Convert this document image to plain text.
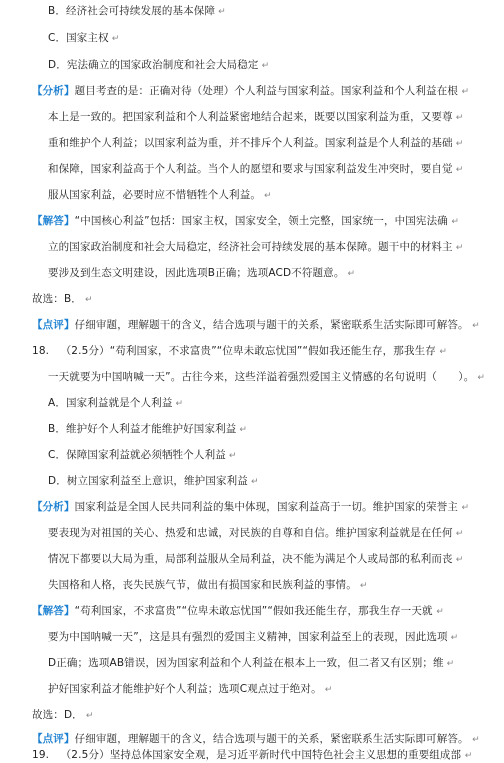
B．经济社会可持续发展的基本保障 ↵
C．国家主权 ↵
D．宪法确立的国家政治制度和社会大局稳定 ↵
【分析】题目考查的是：正确对待（处理）个人利益与国家利益。国家利益和个人利益在根 ↵
本上是一致的。把国家利益和个人利益紧密地结合起来，既要以国家利益为重，又要尊 ↵
重和维护个人利益；以国家利益为重，并不排斥个人利益。国家利益是个人利益的基础 ↵
和保障，国家利益高于个人利益。当个人的愿望和要求与国家利益发生冲突时，要自觉 ↵
服从国家利益，必要时应不惜牺牲个人利益。 ↵
【解答】“中国核心利益”包括：国家主权，国家安全，领土完整，国家统一，中国宪法确 ↵
立的国家政治制度和社会大局稳定，经济社会可持续发展的基本保障。题干中的材料主 ↵
要涉及到生态文明建设，因此选项B正确；选项ACD不符题意。 ↵
故选：B． ↵
【点评】仔细审题，理解题干的含义，结合选项与题干的关系，紧密联系生活实际即可解答。 ↵
18. （2.5分）“苟利国家，不求富贵”“位卑未敢忘忧国”“假如我还能生存，那我生存 ↵
一天就要为中国呐喊一天”。古往今来，这些洋溢着强烈爱国主义情感的名句说明（　　）。 ↵
A．国家利益就是个人利益 ↵
B．维护好个人利益才能维护好国家利益 ↵
C．保障国家利益就必须牺牲个人利益 ↵
D．树立国家利益至上意识，维护国家利益 ↵
【分析】国家利益是全国人民共同利益的集中体现，国家利益高于一切。维护国家的荣誉主 ↵
要表现为对祖国的关心、热爱和忠诚，对民族的自尊和自信。维护国家利益就是在任何 ↵
情况下都要以大局为重，局部利益服从全局利益，决不能为满足个人或局部的私利而丧 ↵
失国格和人格，丧失民族气节，做出有损国家和民族利益的事情。 ↵
【解答】“苟利国家，不求富贵”“位卑未敢忘忧国”“假如我还能生存，那我生存一天就 ↵
要为中国呐喊一天”，这是具有强烈的爱国主义精神，国家利益至上的表现，因此选项 ↵
D正确；选项AB错误，因为国家利益和个人利益在根本上一致，但二者又有区别；维 ↵
护好国家利益才能维护好个人利益；选项C观点过于绝对。 ↵
故选：D． ↵
【点评】仔细审题，理解题干的含义，结合选项与题干的关系，紧密联系生活实际即可解答。 ↵
19. （2.5分）坚持总体国家安全观，是习近平新时代中国特色社会主义思想的重要组成部 ↵
